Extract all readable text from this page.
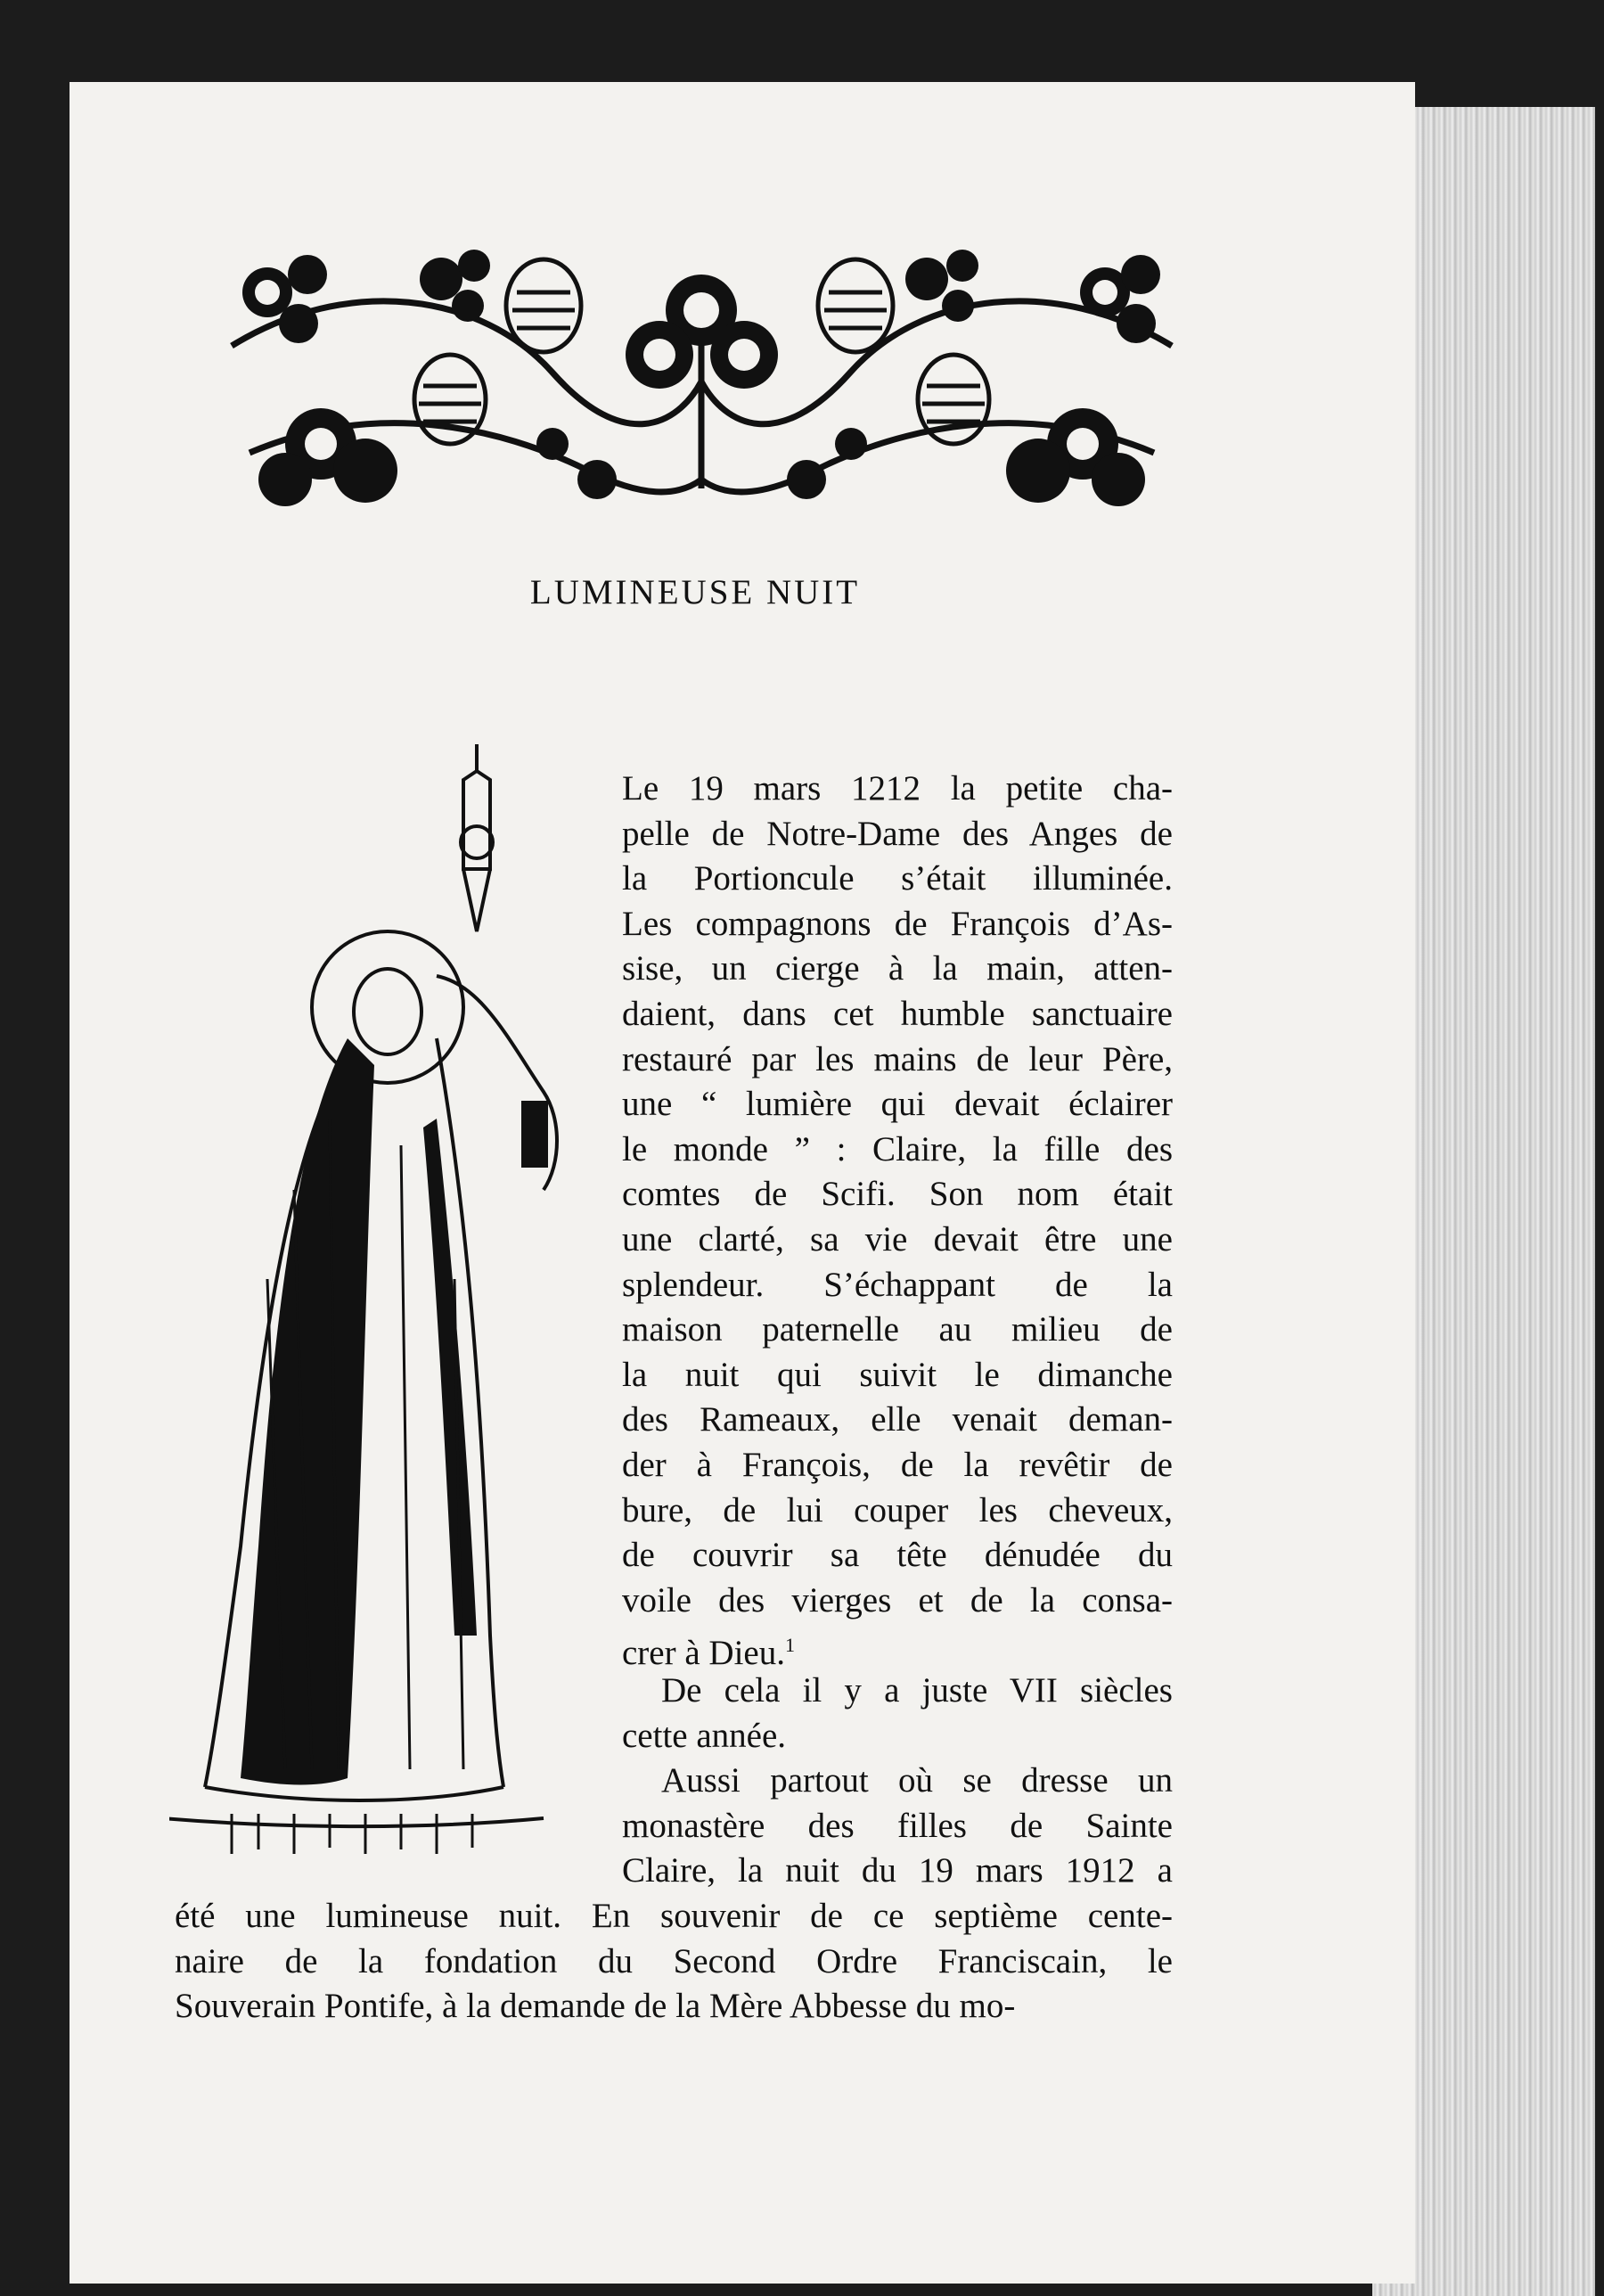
LUMINEUSE NUIT
Le 19 mars 1212 la petite cha-
pelle de Notre-Dame des Anges de
la Portioncule s’était illuminée.
Les compagnons de François d’As-
sise, un cierge à la main, atten-
daient, dans cet humble sanctuaire
restauré par les mains de leur Père,
une “ lumière qui devait éclairer
le monde ” : Claire, la fille des
comtes de Scifi. Son nom était
une clarté, sa vie devait être une
splendeur. S’échappant de la
maison paternelle au milieu de
la nuit qui suivit le dimanche
des Rameaux, elle venait deman-
der à François, de la revêtir de
bure, de lui couper les cheveux,
de couvrir sa tête dénudée du
voile des vierges et de la consa-
crer à Dieu.$^1$
De cela il y a juste VII siècles
cette année.
Aussi partout où se dresse un
monastère des filles de Sainte
Claire, la nuit du 19 mars 1912 a
été une lumineuse nuit. En souvenir de ce septième cente-
naire de la fondation du Second Ordre Franciscain, le
Souverain Pontife, à la demande de la Mère Abbesse du mo-
